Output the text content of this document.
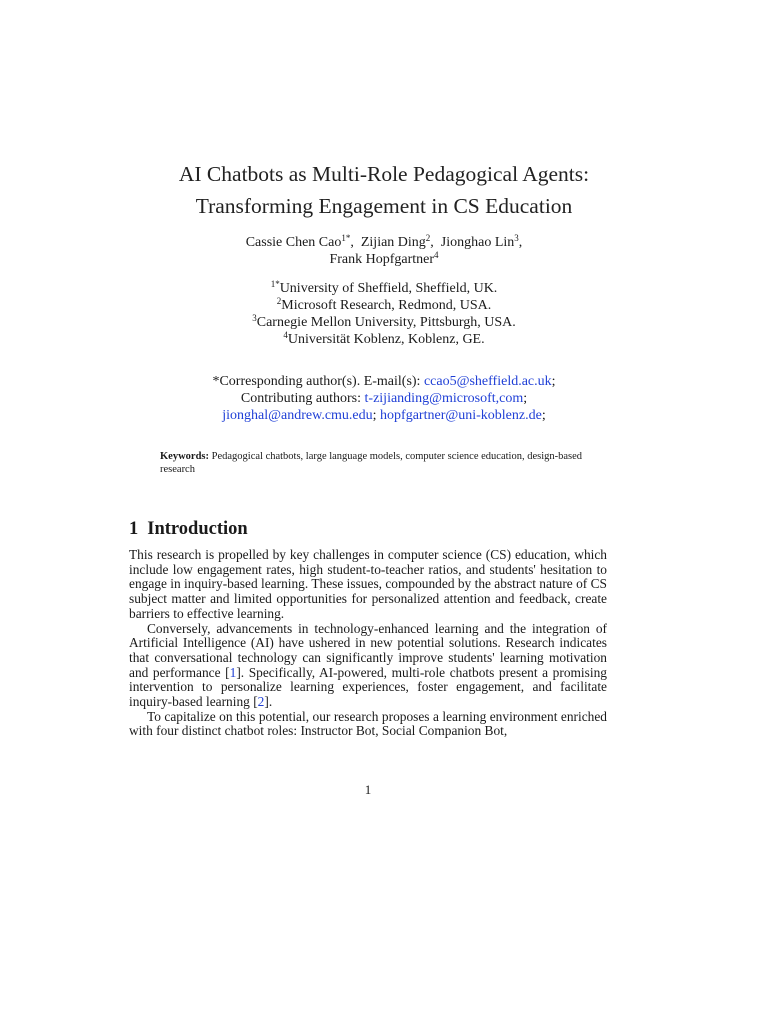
AI Chatbots as Multi-Role Pedagogical Agents:
Transforming Engagement in CS Education
Cassie Chen Cao$^{1*}$,  Zijian Ding$^2$,  Jionghao Lin$^3$,
Frank Hopfgartner$^4$
$^{1*}$University of Sheffield, Sheffield, UK.
$^2$Microsoft Research, Redmond, USA.
$^3$Carnegie Mellon University, Pittsburgh, USA.
$^4$Universität Koblenz, Koblenz, GE.
*Corresponding author(s). E-mail(s): ccao5@sheffield.ac.uk;
Contributing authors: t-zijianding@microsoft,com;
jionghal@andrew.cmu.edu; hopfgartner@uni-koblenz.de;
Keywords: Pedagogical chatbots, large language models, computer science education, design-based research
1 Introduction

This research is propelled by key challenges in computer science (CS) education, which include low engagement rates, high student-to-teacher ratios, and students' hesitation to engage in inquiry-based learning. These issues, compounded by the abstract nature of CS subject matter and limited opportunities for personalized attention and feedback, create barriers to effective learning.

Conversely, advancements in technology-enhanced learning and the integration of Artificial Intelligence (AI) have ushered in new potential solutions. Research indicates that conversational technology can significantly improve students' learning motivation and performance [1]. Specifically, AI-powered, multi-role chatbots present a promising intervention to personalize learning experiences, foster engagement, and facilitate inquiry-based learning [2].

To capitalize on this potential, our research proposes a learning environment enriched with four distinct chatbot roles: Instructor Bot, Social Companion Bot,

1
